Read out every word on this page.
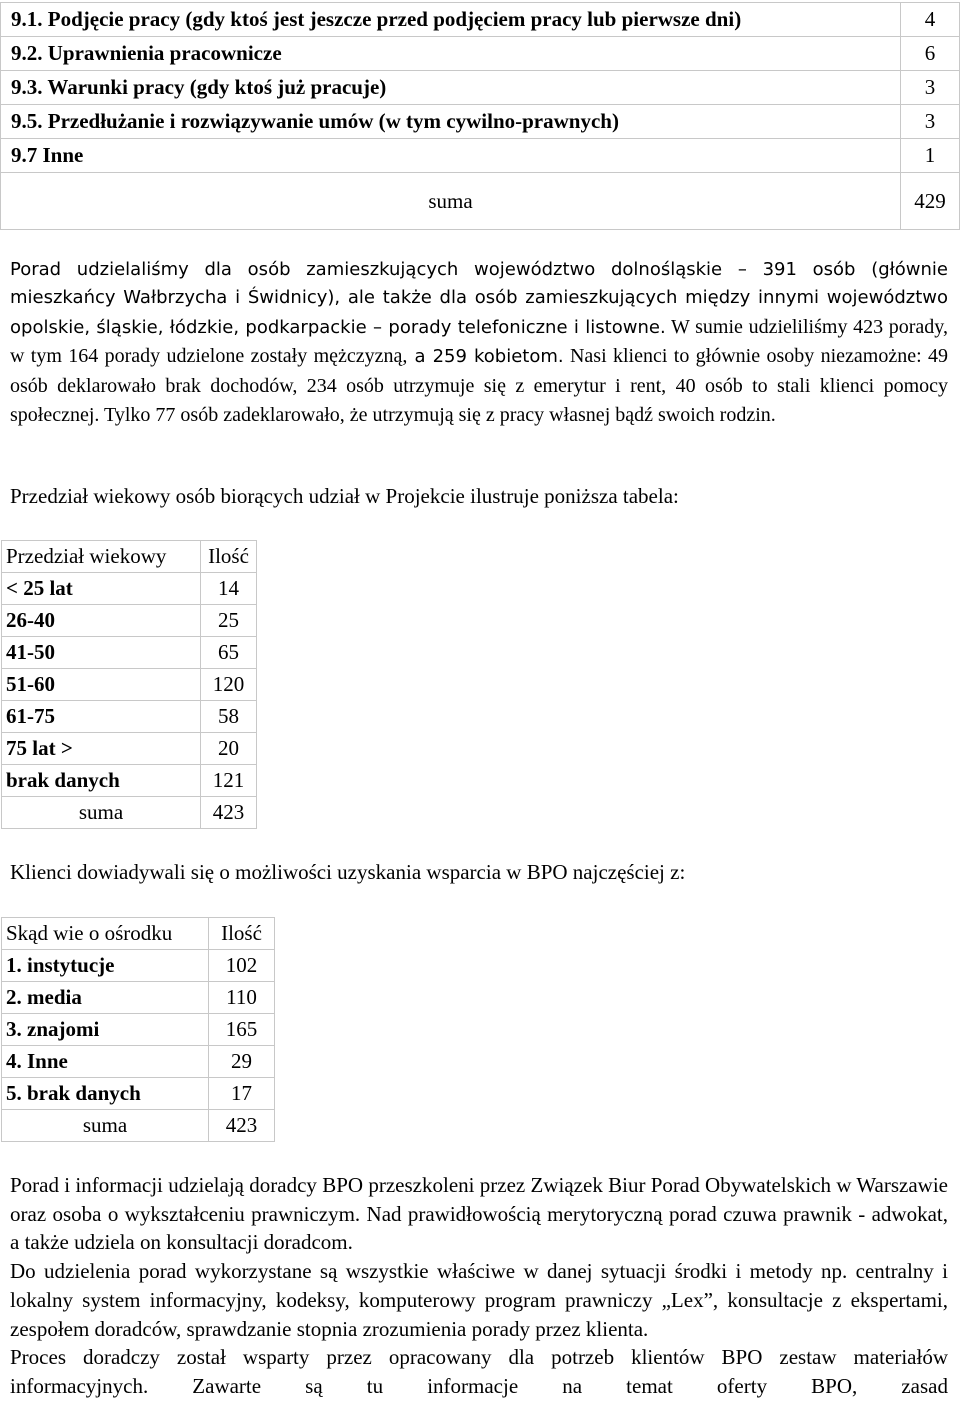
9.1. Podjęcie pracy (gdy ktoś jest jeszcze przed podjęciem pracy lub pierwsze dni)	4
9.2. Uprawnienia pracownicze	6
9.3. Warunki pracy (gdy ktoś już pracuje)	3
9.5. Przedłużanie i rozwiązywanie umów (w tym cywilno-prawnych)	3
9.7 Inne	1
suma	429
Porad udzielaliśmy dla osób zamieszkujących województwo dolnośląskie – 391 osób (głównie mieszkańcy Wałbrzycha i Świdnicy), ale także dla osób zamieszkujących między innymi województwo opolskie, śląskie, łódzkie, podkarpackie – porady telefoniczne i listowne. W sumie udzieliliśmy 423 porady, w tym 164 porady udzielone zostały mężczyzną, a 259 kobietom. Nasi klienci to głównie osoby niezamożne: 49 osób deklarowało brak dochodów, 234 osób utrzymuje się z emerytur i rent, 40 osób to stali klienci pomocy społecznej. Tylko 77 osób zadeklarowało, że utrzymują się z pracy własnej bądź swoich rodzin.
Przedział wiekowy osób biorących udział w Projekcie ilustruje poniższa tabela:
Przedział wiekowy	Ilość
< 25 lat	14
26-40	25
41-50	65
51-60	120
61-75	58
75 lat >	20
brak danych	121
suma	423
Klienci dowiadywali się o możliwości uzyskania wsparcia w BPO najczęściej z:
Skąd wie o ośrodku	Ilość
1. instytucje	102
2. media	110
3. znajomi	165
4. Inne	29
5. brak danych	17
suma	423

Porad i informacji udzielają doradcy BPO przeszkoleni przez Związek Biur Porad Obywatelskich w Warszawie oraz osoba o wykształceniu prawniczym. Nad prawidłowością merytoryczną porad czuwa prawnik - adwokat, a także udziela on konsultacji doradcom.

Do udzielenia porad wykorzystane są wszystkie właściwe w danej sytuacji środki i metody np. centralny i lokalny system informacyjny, kodeksy, komputerowy program prawniczy „Lex”, konsultacje z ekspertami, zespołem doradców, sprawdzanie stopnia zrozumienia porady przez klienta.

Proces doradczy został wsparty przez opracowany dla potrzeb klientów BPO zestaw materiałów informacyjnych. Zawarte są tu informacje na temat oferty BPO, zasad
